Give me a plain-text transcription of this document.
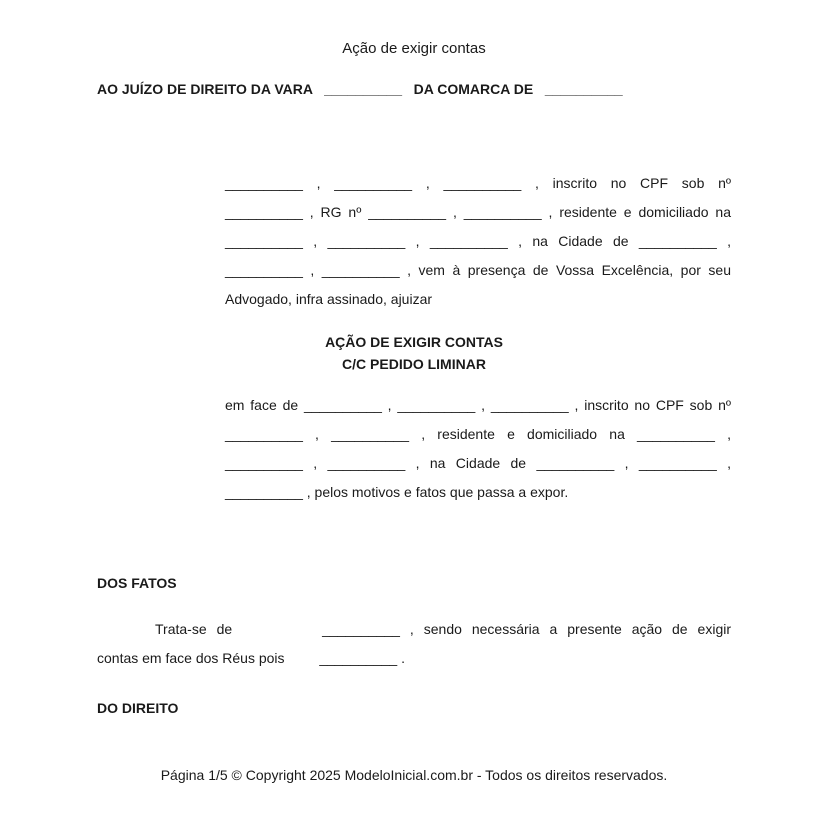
Ação de exigir contas
AO JUÍZO DE DIREITO DA VARA   __________   DA COMARCA DE   __________
__________ , __________ , __________ , inscrito no CPF sob nº
__________ , RG nº __________ , __________ , residente e domiciliado na
__________ , __________ , __________ , na Cidade de __________ ,
__________ , __________ , vem à presença de Vossa Excelência, por seu
Advogado, infra assinado, ajuizar
AÇÃO DE EXIGIR CONTAS
C/C PEDIDO LIMINAR
em face de __________ , __________ , __________ , inscrito no CPF sob nº
__________ , __________ , residente e domiciliado na __________ ,
__________ , __________ , na Cidade de __________ , __________ ,
__________ , pelos motivos e fatos que passa a expor.
DOS FATOS
Trata-se de	__________ , sendo necessária a presente ação de exigir
contas em face dos Réus pois __________ .
DO DIREITO
Página 1/5 © Copyright 2025 ModeloInicial.com.br - Todos os direitos reservados.
